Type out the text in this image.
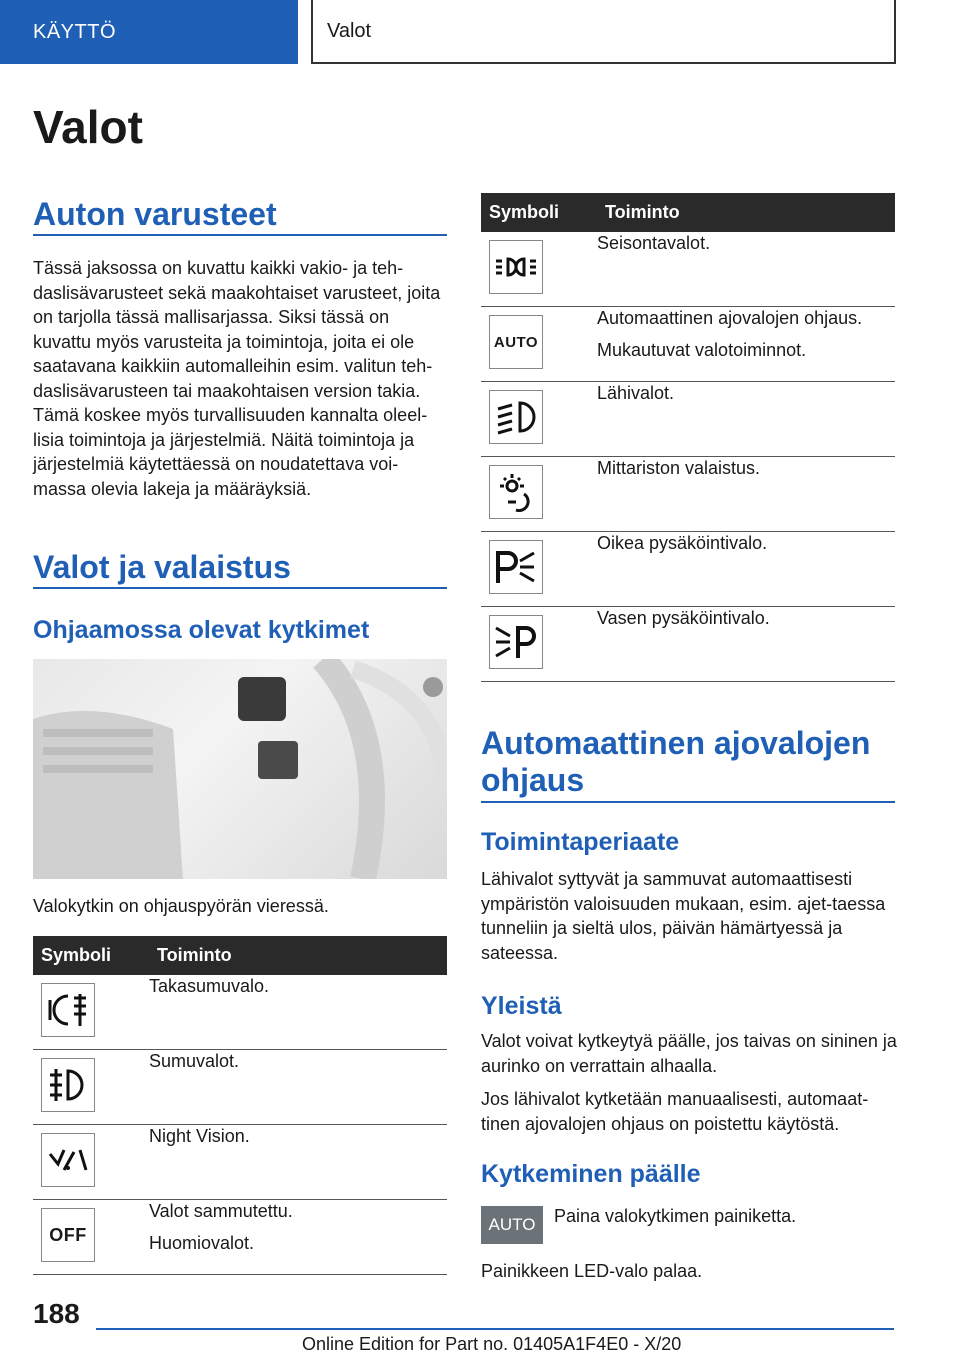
KÄYTTÖ	Valot
Valot
Auton varusteet

Tässä jaksossa on kuvattu kaikki vakio- ja teh-daslisävarusteet sekä maakohtaiset varusteet, joita on tarjolla tässä mallisarjassa. Siksi tässä on kuvattu myös varusteita ja toimintoja, joita ei ole saatavana kaikkiin automalleihin esim. valitun teh-daslisävarusteen tai maakohtaisen version takia. Tämä koskee myös turvallisuuden kannalta oleel-lisia toimintoja ja järjestelmiä. Näitä toimintoja ja järjestelmiä käytettäessä on noudatettava voi-massa olevia lakeja ja määräyksiä.

Valot ja valaistus
Ohjaamossa olevat kytkimet

Valokytkin on ohjauspyörän vieressä.

Symboli	Toiminto

Takasumuvalo.

Sumuvalot.

Night Vision.

OFF	Valot sammutettu.

Huomiovalot.

Symboli	Toiminto

Seisontavalot.

AUTO	Automaattinen ajovalojen ohjaus.

Mukautuvat valotoiminnot.

Lähivalot.

Mittariston valaistus.

Oikea pysäköintivalo.

Vasen pysäköintivalo.

Automaattinen ajovalojen
ohjaus
Toimintaperiaate

Lähivalot syttyvät ja sammuvat automaattisesti ympäristön valoisuuden mukaan, esim. ajet-taessa tunneliin ja sieltä ulos, päivän hämärtyessä ja sateessa.

Yleistä

Valot voivat kytkeytyä päälle, jos taivas on sininen ja aurinko on verrattain alhaalla.

Jos lähivalot kytketään manuaalisesti, automaat-tinen ajovalojen ohjaus on poistettu käytöstä.

Kytkeminen päälle
AUTO Paina valokytkimen painiketta.

Painikkeen LED-valo palaa.

188

Online Edition for Part no. 01405A1F4E0 - X/20
